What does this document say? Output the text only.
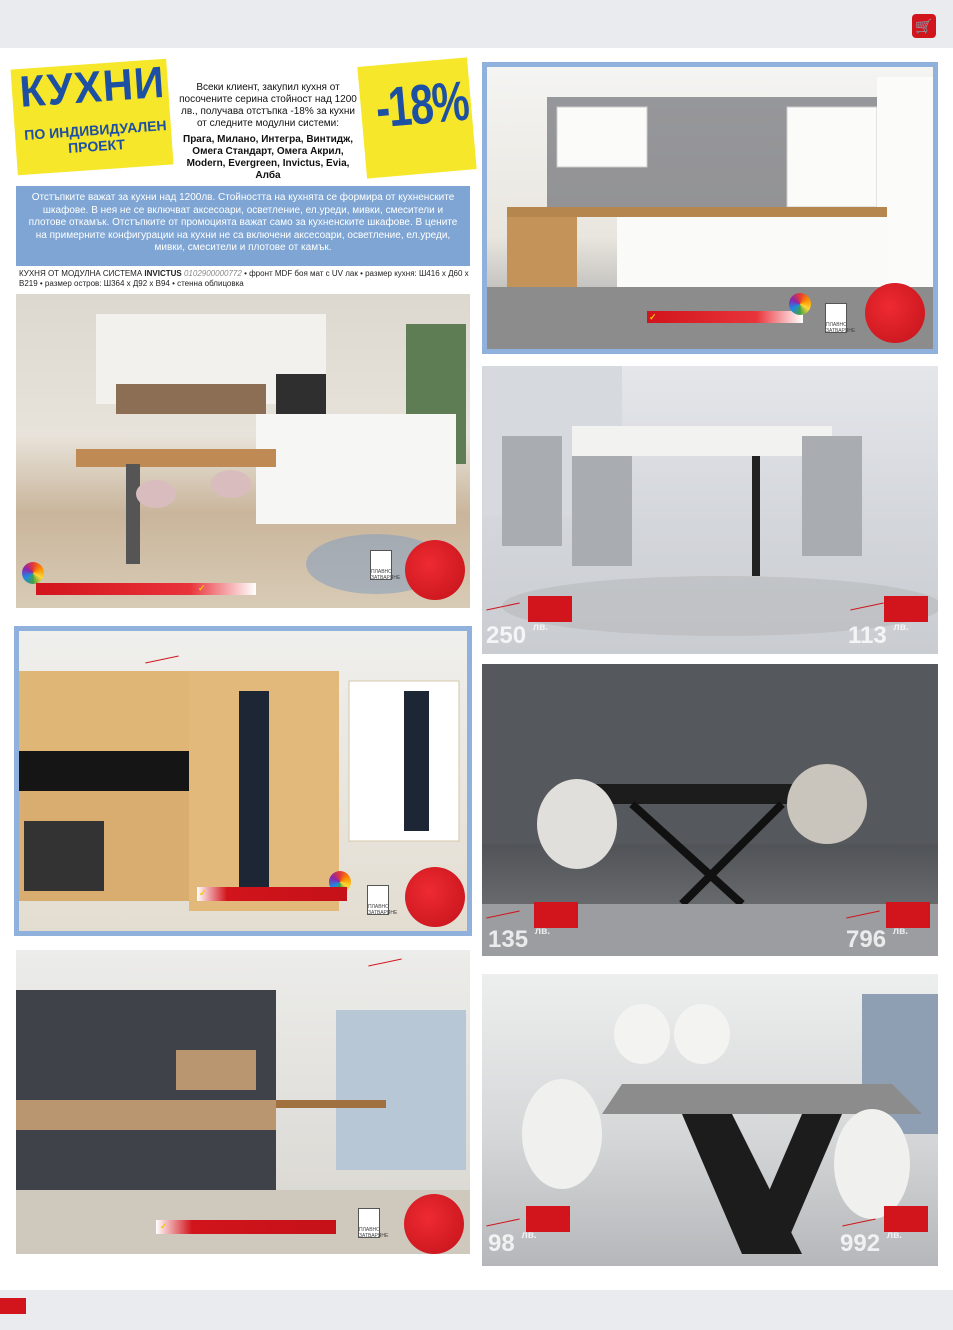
🛒
КУХНИ
ПО ИНДИВИДУАЛЕН ПРОЕКТ
Всеки клиент, закупил кухня от посочените серина стойност над 1200 лв., получава отстъпка -18% за кухни от следните модулни системи:
Прага, Милано, Интегра, Винтидж, Омега Стандарт, Омега Акрил, Modern, Evergreen, Invictus, Evia, Алба
-18%
Отстъпките важат за кухни над 1200лв. Стойността на кухнята се формира от кухненските шкафове. В нея не се включват аксесоари, осветление, ел.уреди, мивки, смесители и плотове откамък. Отстъпките от промоцията важат само за кухненските шкафове. В цените на примерните конфигурации на кухни не са включени аксесоари, осветление, ел.уреди, мивки, смесители и плотове от камък.
КУХНЯ ОТ МОДУЛНА СИСТЕМА INVICTUS 0102900000772 • фронт MDF боя мат с UV лак • размер кухня: Ш416 х Д60 х В219 • размер остров: Ш364 х Д92 х В94 • стенна облицовка
✓
ПЛАВНО ЗАТВАРЯНЕ
✓
ПЛАВНО ЗАТВАРЯНЕ
✓	ПЛАВНО ЗАТВАРЯНЕ
✓
ПЛАВНО ЗАТВАРЯНЕ
250 $^{лв.}$	113 $^{лв.}$
135 $^{лв.}$	796 $^{лв.}$
98 $^{лв.}$	992 $^{лв.}$
